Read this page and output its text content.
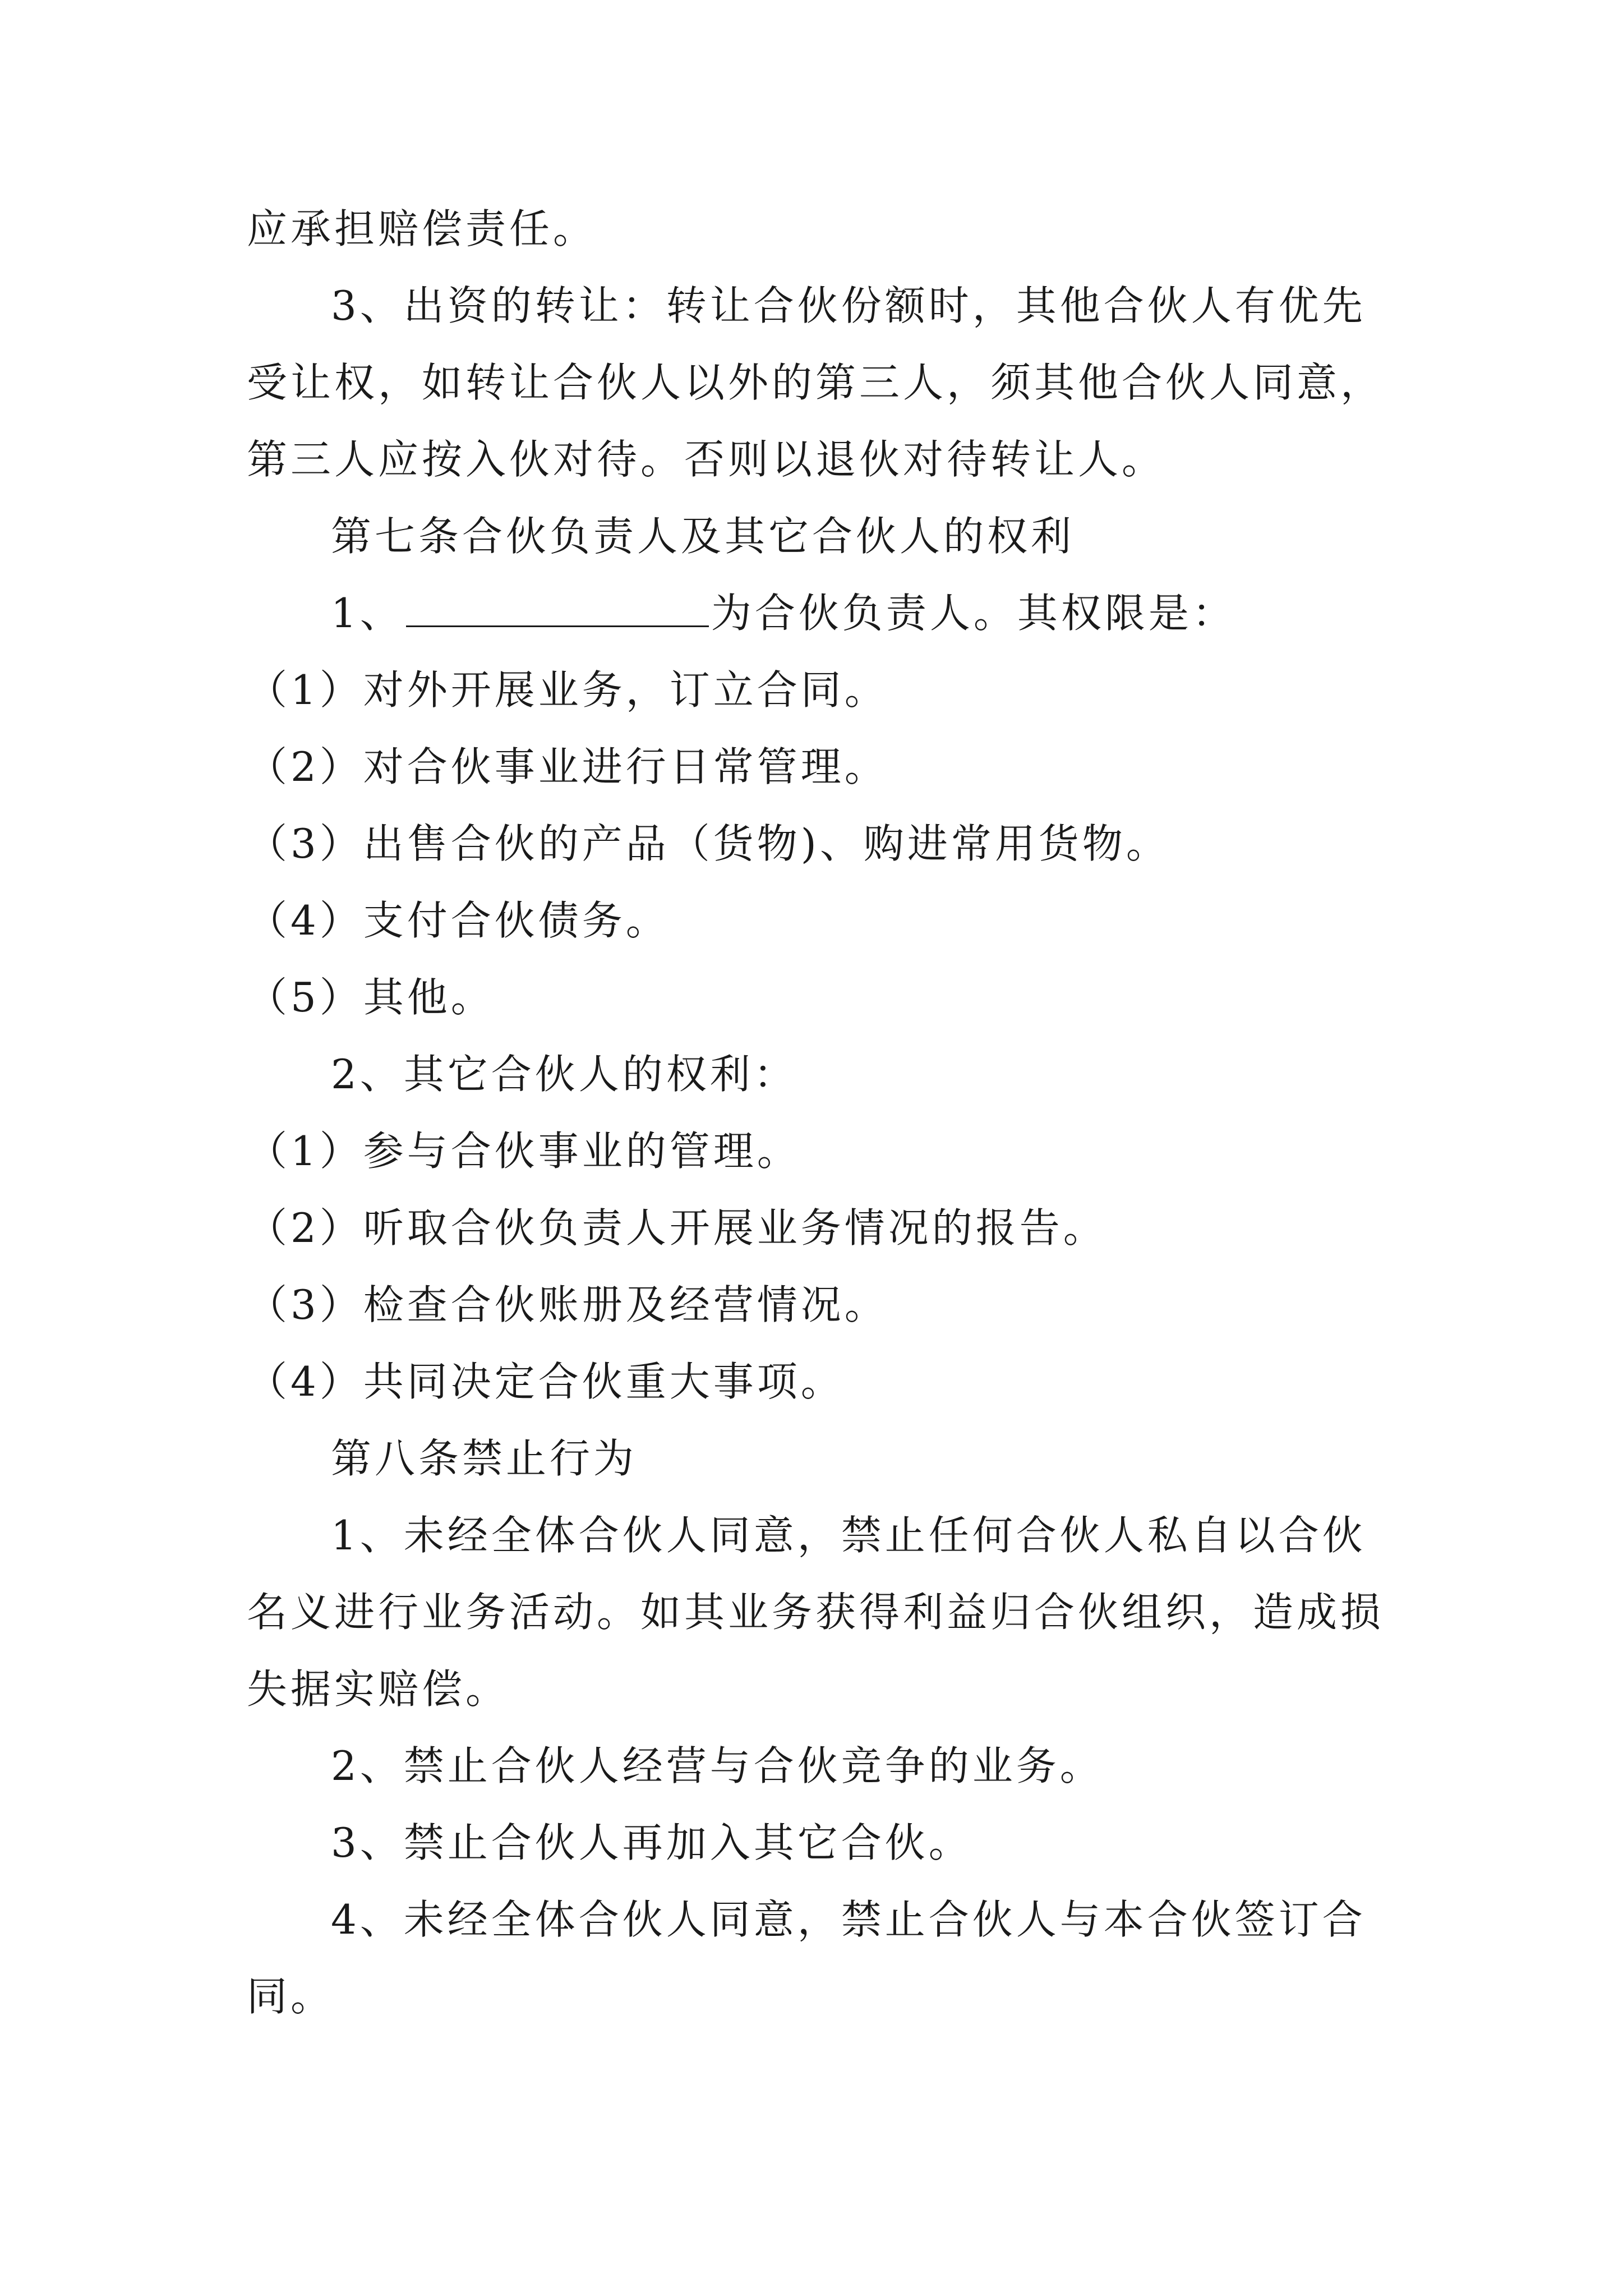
应承担赔偿责任。

3、出资的转让：转让合伙份额时，其他合伙人有优先受让权，如转让合伙人以外的第三人，须其他合伙人同意，第三人应按入伙对待。否则以退伙对待转让人。

第七条合伙负责人及其它合伙人的权利

1、	为合伙负责人。其权限是：

（1）对外开展业务，订立合同。

（2）对合伙事业进行日常管理。

（3）出售合伙的产品（货物)、购进常用货物。

（4）支付合伙债务。

（5）其他。

2、其它合伙人的权利：

（1）参与合伙事业的管理。

（2）听取合伙负责人开展业务情况的报告。

（3）检查合伙账册及经营情况。

（4）共同决定合伙重大事项。

第八条禁止行为

1、未经全体合伙人同意，禁止任何合伙人私自以合伙名义进行业务活动。如其业务获得利益归合伙组织，造成损失据实赔偿。

2、禁止合伙人经营与合伙竞争的业务。

3、禁止合伙人再加入其它合伙。

4、未经全体合伙人同意，禁止合伙人与本合伙签订合同。
